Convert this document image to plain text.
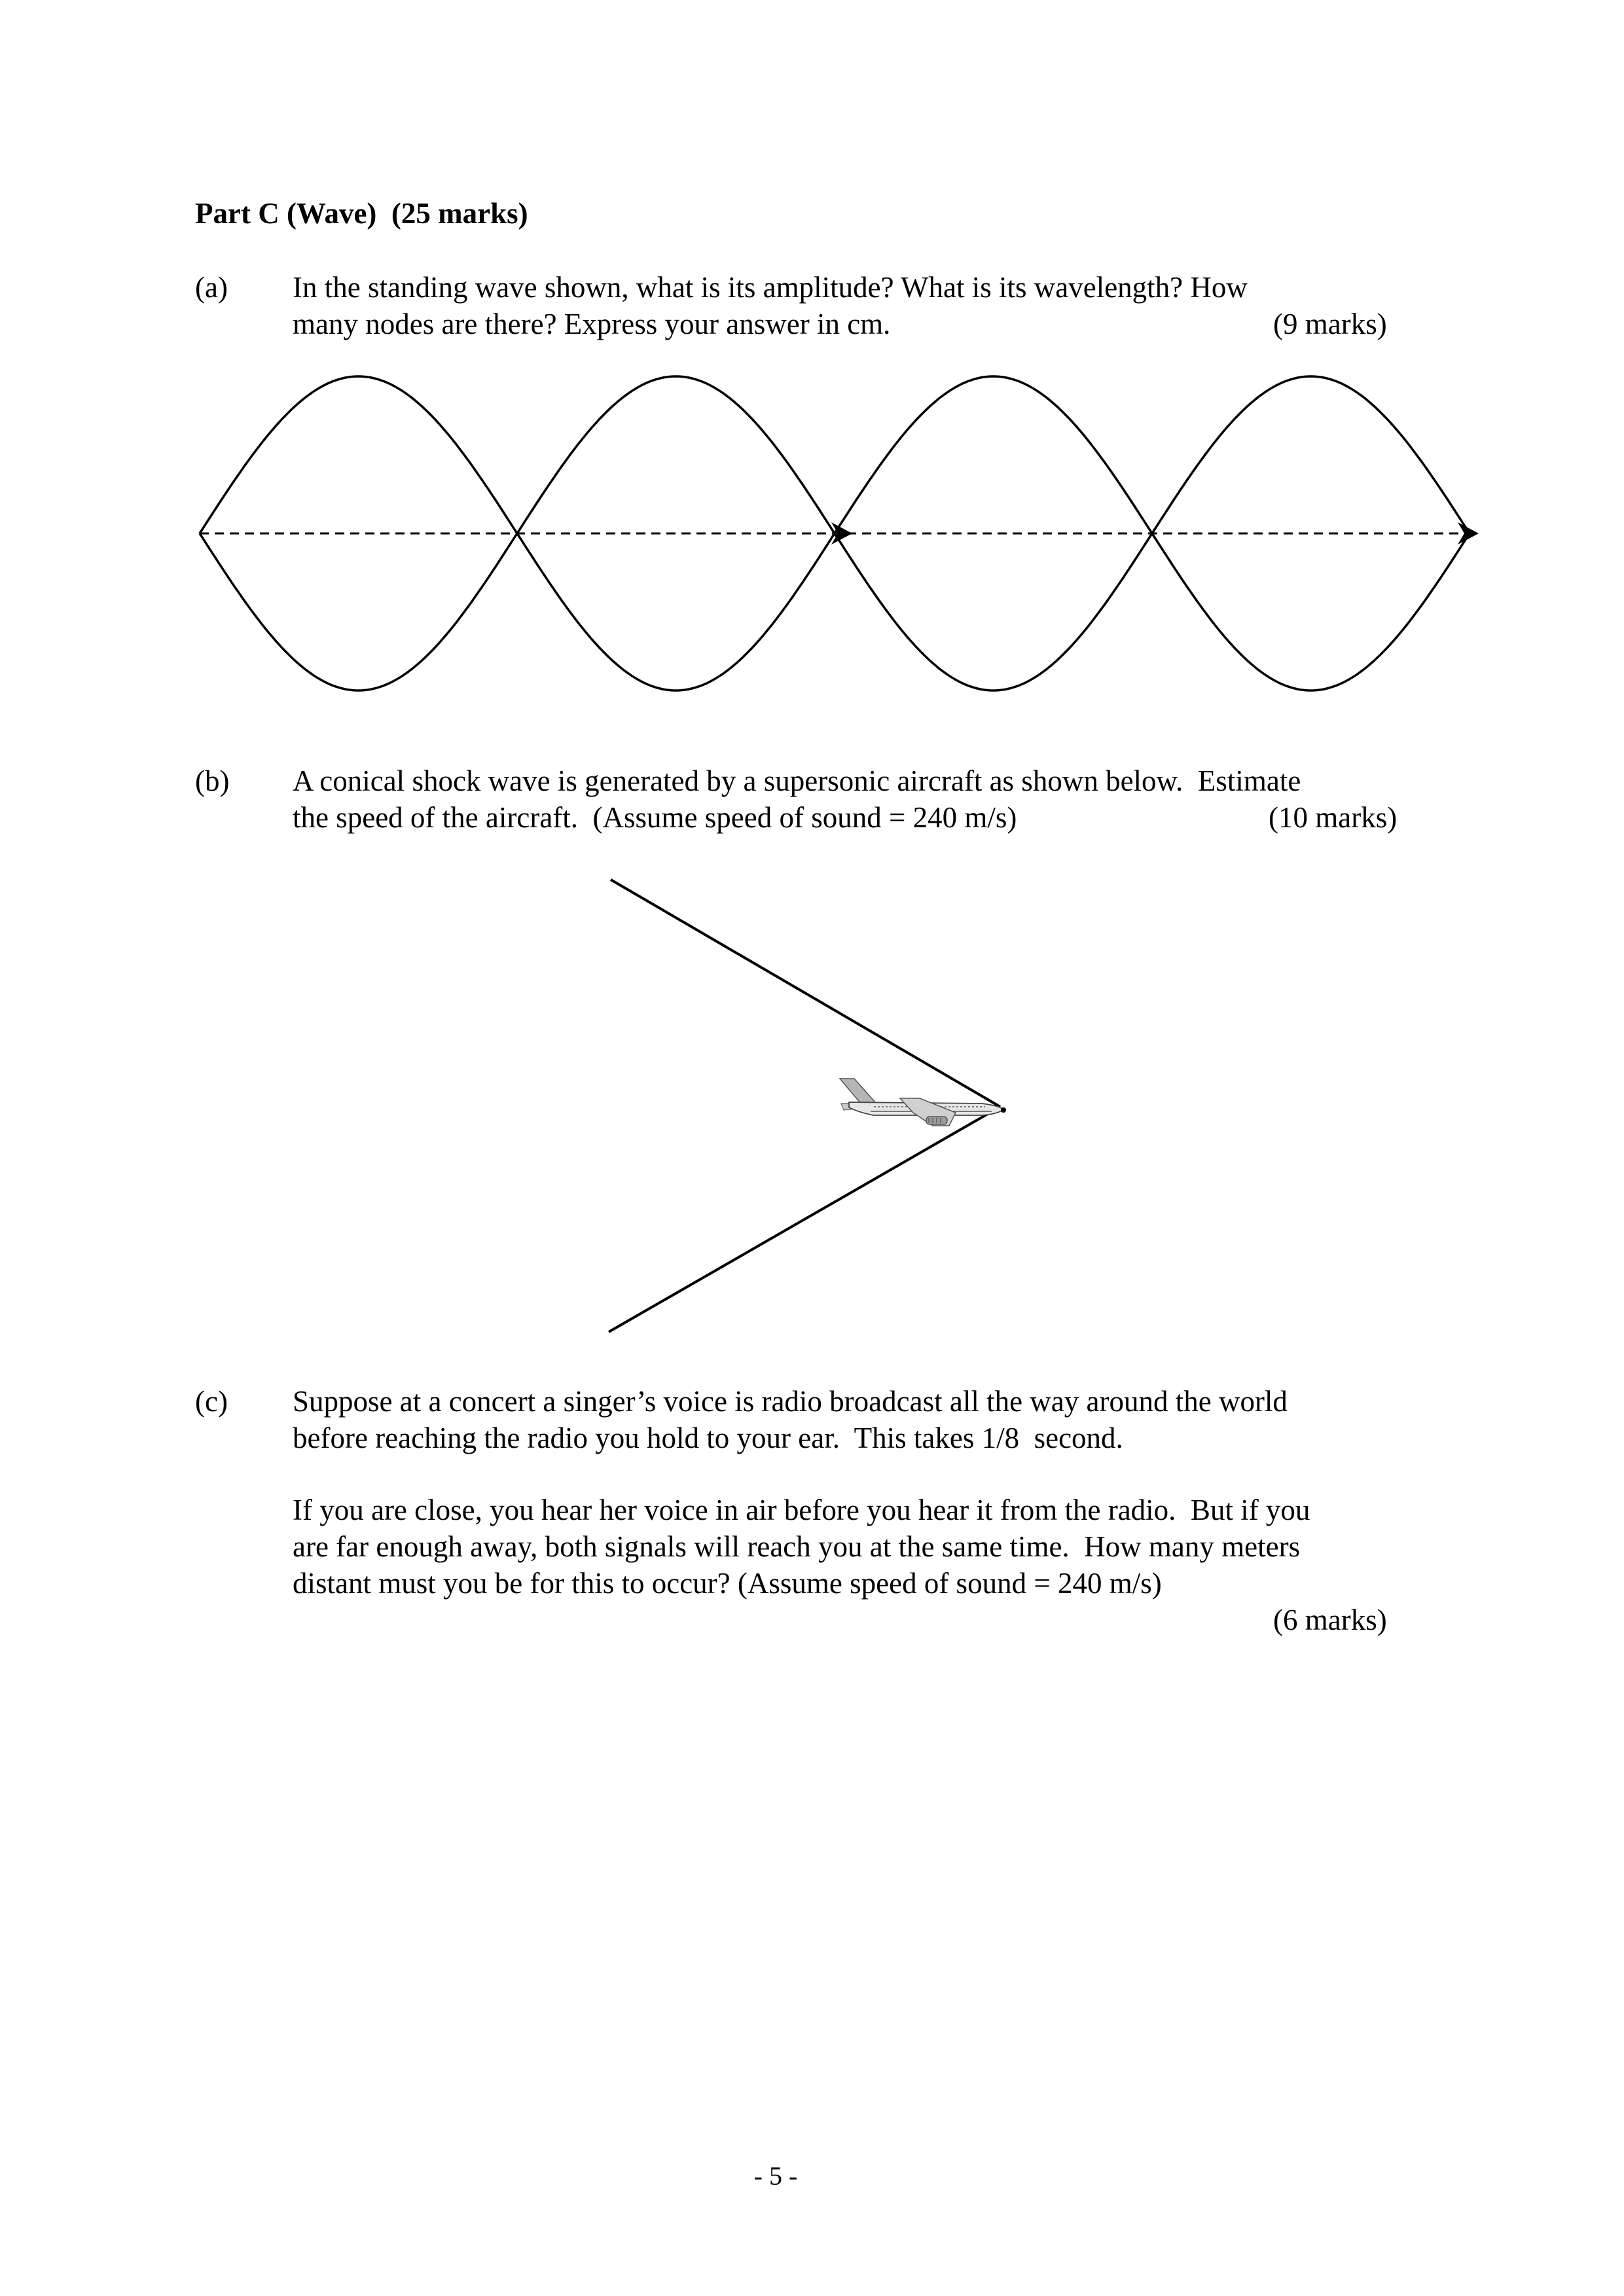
Part C (Wave)  (25 marks)
(a) In the standing wave shown, what is its amplitude? What is its wavelength? How
many nodes are there? Express your answer in cm.	(9 marks)
(b) A conical shock wave is generated by a supersonic aircraft as shown below.  Estimate
the speed of the aircraft.  (Assume speed of sound = 240 m/s)	(10 marks)
(c) Suppose at a concert a singer’s voice is radio broadcast all the way around the world
before reaching the radio you hold to your ear.  This takes 1/8  second.
If you are close, you hear her voice in air before you hear it from the radio.  But if you
are far enough away, both signals will reach you at the same time.  How many meters
distant must you be for this to occur? (Assume speed of sound = 240 m/s)
(6 marks)
- 5 -
